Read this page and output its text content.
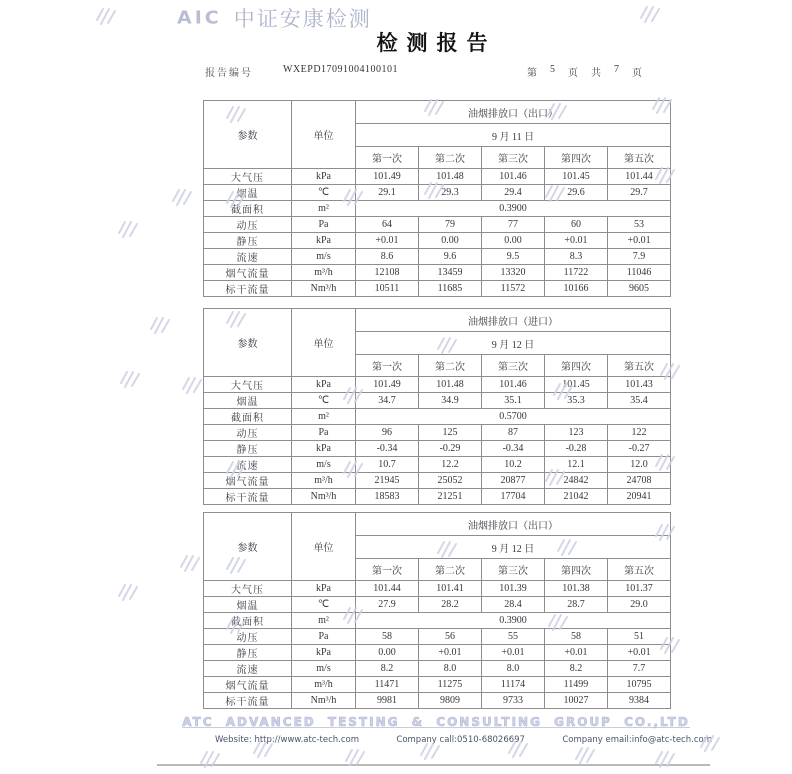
AIC 中证安康检测
检测报告
报告编号	WXEPD17091004100101	第 5 页 共 7 页
参数	单位	油烟排放口（出口）				
		9 月 11 日				
		第一次	第二次	第三次	第四次	第五次
大气压	kPa	101.49	101.48	101.46	101.45	101.44
烟温	℃	29.1	29.3	29.4	29.6	29.7
截面积	m²	0.3900				
动压	Pa	64	79	77	60	53
静压	kPa	+0.01	0.00	0.00	+0.01	+0.01
流速	m/s	8.6	9.6	9.5	8.3	7.9
烟气流量	m³/h	12108	13459	13320	11722	11046
标干流量	Nm³/h	10511	11685	11572	10166	9605
参数	单位	油烟排放口（进口）				
		9 月 12 日				
		第一次	第二次	第三次	第四次	第五次
大气压	kPa	101.49	101.48	101.46	101.45	101.43
烟温	℃	34.7	34.9	35.1	35.3	35.4
截面积	m²	0.5700				
动压	Pa	96	125	87	123	122
静压	kPa	-0.34	-0.29	-0.34	-0.28	-0.27
流速	m/s	10.7	12.2	10.2	12.1	12.0
烟气流量	m³/h	21945	25052	20877	24842	24708
标干流量	Nm³/h	18583	21251	17704	21042	20941
参数	单位	油烟排放口（出口）				
		9 月 12 日				
		第一次	第二次	第三次	第四次	第五次
大气压	kPa	101.44	101.41	101.39	101.38	101.37
烟温	℃	27.9	28.2	28.4	28.7	29.0
截面积	m²	0.3900				
动压	Pa	58	56	55	58	51
静压	kPa	0.00	+0.01	+0.01	+0.01	+0.01
流速	m/s	8.2	8.0	8.0	8.2	7.7
烟气流量	m³/h	11471	11275	11174	11499	10795
标干流量	Nm³/h	9981	9809	9733	10027	9384
ATC ADVANCED TESTING & CONSULTING GROUP CO.,LTD
Website: http://www.atc-tech.com	Company call:0510-68026697	Company email:info@atc-tech.com
